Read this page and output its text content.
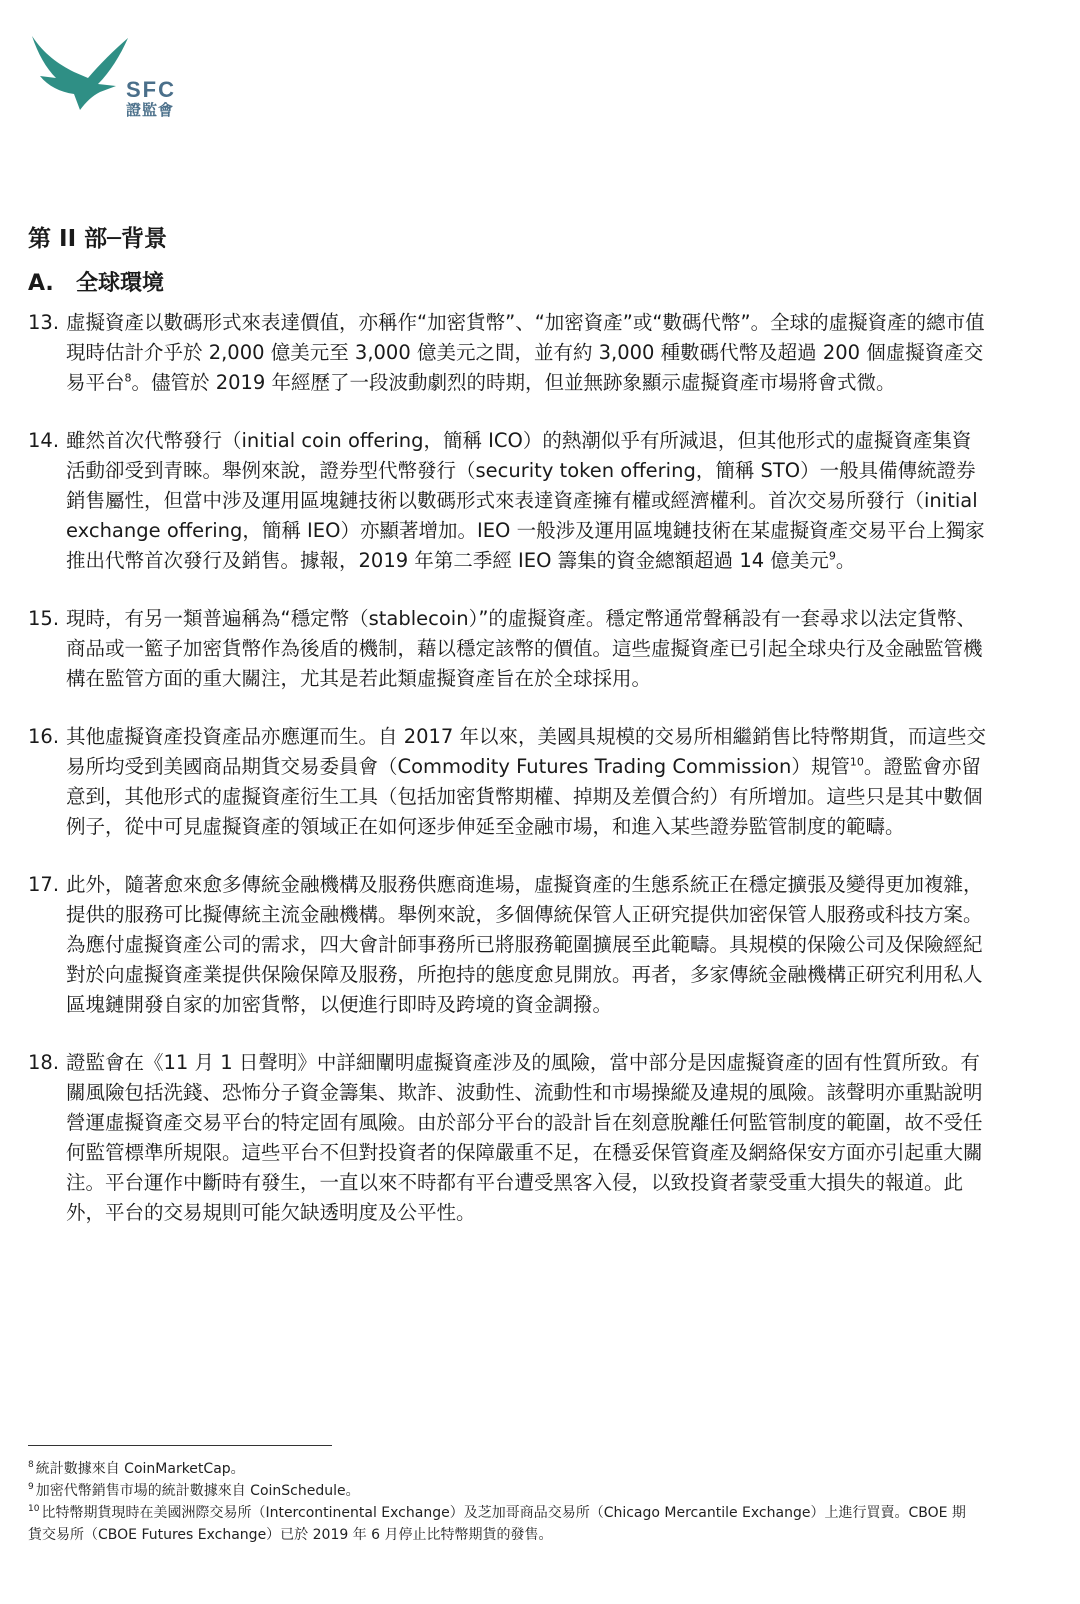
SFC
證監會
第 II 部─背景
A. 全球環境

13. 虛擬資產以數碼形式來表達價值，亦稱作“加密貨幣”、“加密資產”或“數碼代幣”。全球的虛擬資產的總市值現時估計介乎於 2,000 億美元至 3,000 億美元之間，並有約 3,000 種數碼代幣及超過 200 個虛擬資產交易平台$^8$。儘管於 2019 年經歷了一段波動劇烈的時期，但並無跡象顯示虛擬資產市場將會式微。

14. 雖然首次代幣發行（initial coin offering，簡稱 ICO）的熱潮似乎有所減退，但其他形式的虛擬資產集資活動卻受到青睞。舉例來說，證券型代幣發行（security token offering，簡稱 STO）一般具備傳統證券銷售屬性，但當中涉及運用區塊鏈技術以數碼形式來表達資產擁有權或經濟權利。首次交易所發行（initial exchange offering，簡稱 IEO）亦顯著增加。IEO 一般涉及運用區塊鏈技術在某虛擬資產交易平台上獨家推出代幣首次發行及銷售。據報，2019 年第二季經 IEO 籌集的資金總額超過 14 億美元$^9$。

15. 現時，有另一類普遍稱為“穩定幣（stablecoin）”的虛擬資產。穩定幣通常聲稱設有一套尋求以法定貨幣、商品或一籃子加密貨幣作為後盾的機制，藉以穩定該幣的價值。這些虛擬資產已引起全球央行及金融監管機構在監管方面的重大關注，尤其是若此類虛擬資產旨在於全球採用。

16. 其他虛擬資產投資產品亦應運而生。自 2017 年以來，美國具規模的交易所相繼銷售比特幣期貨，而這些交易所均受到美國商品期貨交易委員會（Commodity Futures Trading Commission）規管$^{10}$。證監會亦留意到，其他形式的虛擬資產衍生工具（包括加密貨幣期權、掉期及差價合約）有所增加。這些只是其中數個例子，從中可見虛擬資產的領域正在如何逐步伸延至金融市場，和進入某些證券監管制度的範疇。

17. 此外，隨著愈來愈多傳統金融機構及服務供應商進場，虛擬資產的生態系統正在穩定擴張及變得更加複雜，提供的服務可比擬傳統主流金融機構。舉例來說，多個傳統保管人正研究提供加密保管人服務或科技方案。為應付虛擬資產公司的需求，四大會計師事務所已將服務範圍擴展至此範疇。具規模的保險公司及保險經紀對於向虛擬資產業提供保險保障及服務，所抱持的態度愈見開放。再者，多家傳統金融機構正研究利用私人區塊鏈開發自家的加密貨幣，以便進行即時及跨境的資金調撥。

18. 證監會在《11 月 1 日聲明》中詳細闡明虛擬資產涉及的風險，當中部分是因虛擬資產的固有性質所致。有關風險包括洗錢、恐怖分子資金籌集、欺詐、波動性、流動性和市場操縱及違規的風險。該聲明亦重點說明營運虛擬資產交易平台的特定固有風險。由於部分平台的設計旨在刻意脫離任何監管制度的範圍，故不受任何監管標準所規限。這些平台不但對投資者的保障嚴重不足，在穩妥保管資產及網絡保安方面亦引起重大關注。平台運作中斷時有發生，一直以來不時都有平台遭受黑客入侵，以致投資者蒙受重大損失的報道。此外，平台的交易規則可能欠缺透明度及公平性。

$^8$ 統計數據來自 CoinMarketCap。

$^9$ 加密代幣銷售市場的統計數據來自 CoinSchedule。

$^{10}$ 比特幣期貨現時在美國洲際交易所（Intercontinental Exchange）及芝加哥商品交易所（Chicago Mercantile Exchange）上進行買賣。CBOE 期貨交易所（CBOE Futures Exchange）已於 2019 年 6 月停止比特幣期貨的發售。
